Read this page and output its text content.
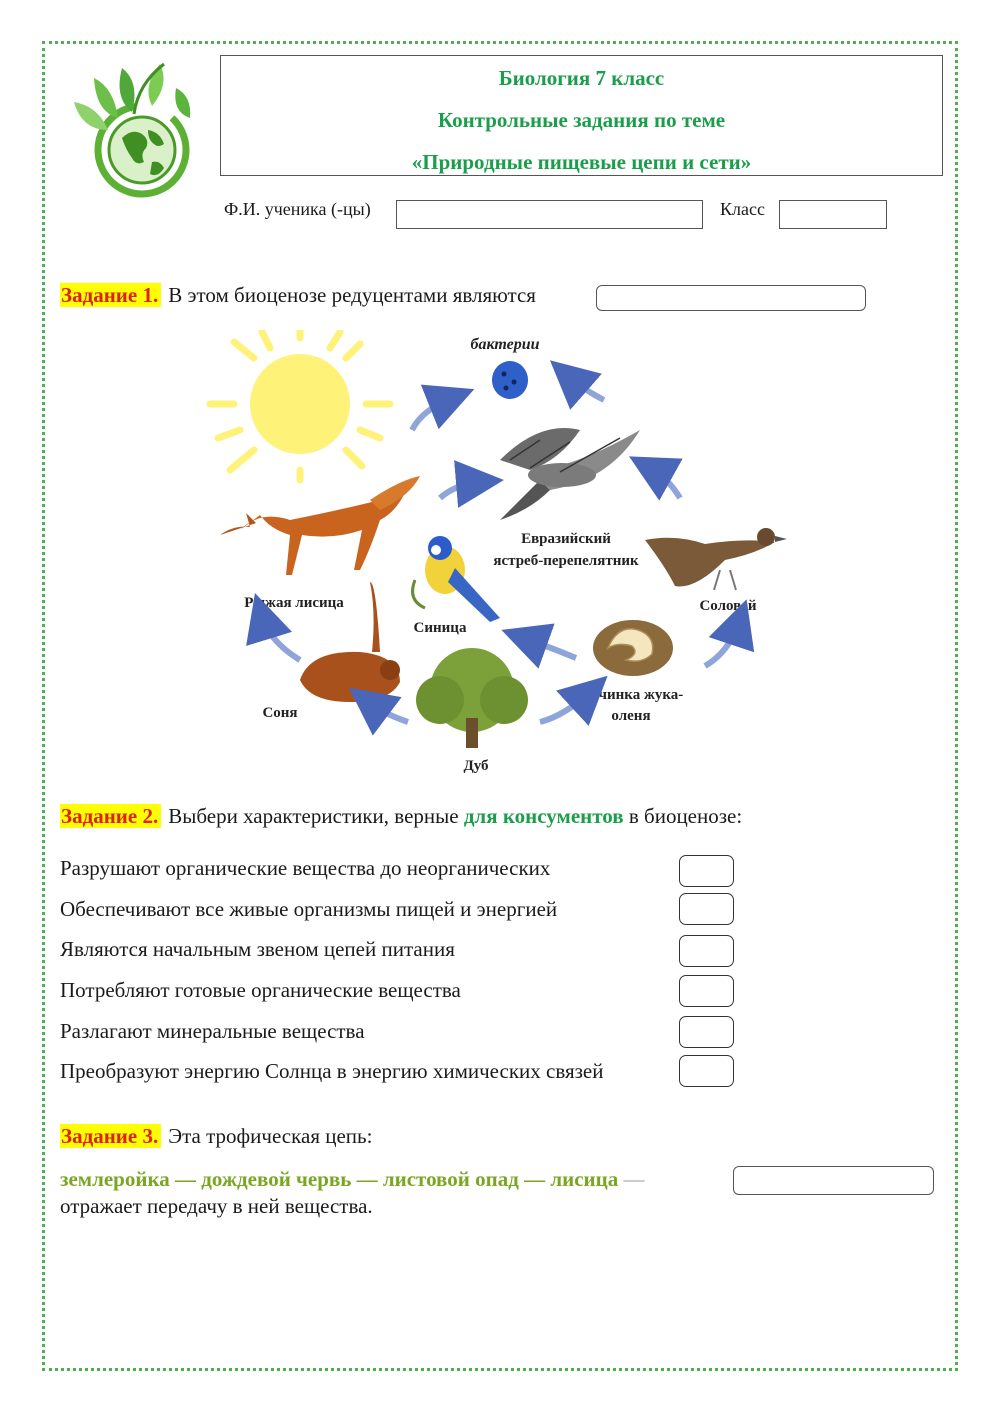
Биология 7 класс
Контрольные задания по теме
«Природные пищевые цепи и сети»
Ф.И. ученика (-цы)	Класс
Задание 1. В этом биоценозе редуцентами являются
бактерии
Евразийский
ястреб-перепелятник
Рыжая лисица
Синица
Соловей
Соня
Личинка жука-
оленя
Дуб
Задание 2. Выбери характеристики, верные для консументов в биоценозе:
Разрушают органические вещества до неорганических
Обеспечивают все живые организмы пищей и энергией
Являются начальным звеном цепей питания
Потребляют готовые органические вещества
Разлагают минеральные вещества
Преобразуют энергию Солнца в энергию химических связей
Задание 3. Эта трофическая цепь:
землеройка — дождевой червь — листовой опад — лисица —
отражает передачу в ней вещества.
